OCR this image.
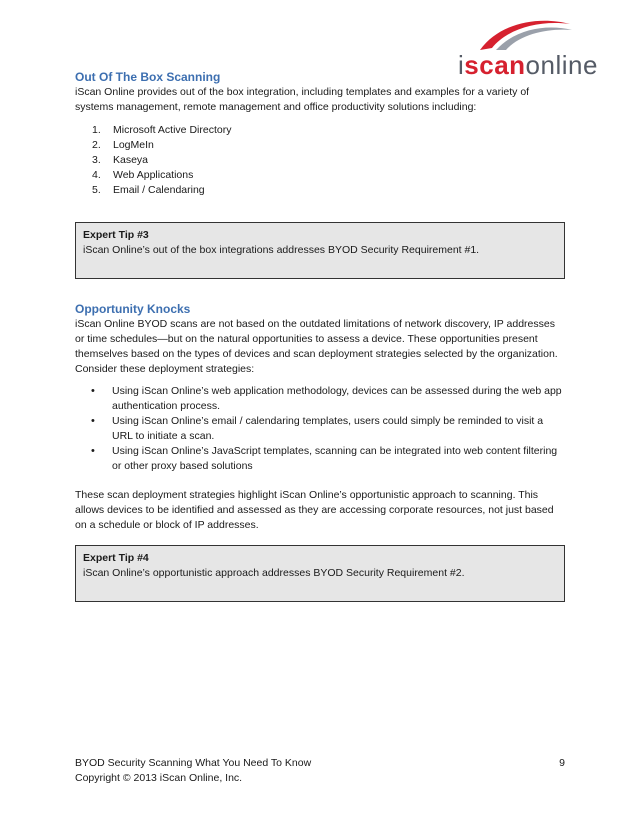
iscanonline
Out Of The Box Scanning

iScan Online provides out of the box integration, including templates and examples for a variety of systems management, remote management and office productivity solutions including:

1.	Microsoft Active Directory
2.	LogMeIn
3.	Kaseya
4.	Web Applications
5.	Email / Calendaring
Expert Tip #3
iScan Online’s out of the box integrations addresses BYOD Security Requirement #1.
Opportunity Knocks

iScan Online BYOD scans are not based on the outdated limitations of network discovery, IP addresses or time schedules—but on the natural opportunities to assess a device. These opportunities present themselves based on the types of devices and scan deployment strategies selected by the organization. Consider these deployment strategies:

•	Using iScan Online’s web application methodology, devices can be assessed during the web app authentication process.
•	Using iScan Online’s email / calendaring templates, users could simply be reminded to visit a URL to initiate a scan.
•	Using iScan Online’s JavaScript templates, scanning can be integrated into web content filtering or other proxy based solutions

These scan deployment strategies highlight iScan Online’s opportunistic approach to scanning. This allows devices to be identified and assessed as they are accessing corporate resources, not just based on a schedule or block of IP addresses.

Expert Tip #4
iScan Online’s opportunistic approach addresses BYOD Security Requirement #2.
BYOD Security Scanning What You Need To Know	9
Copyright © 2013 iScan Online, Inc.
